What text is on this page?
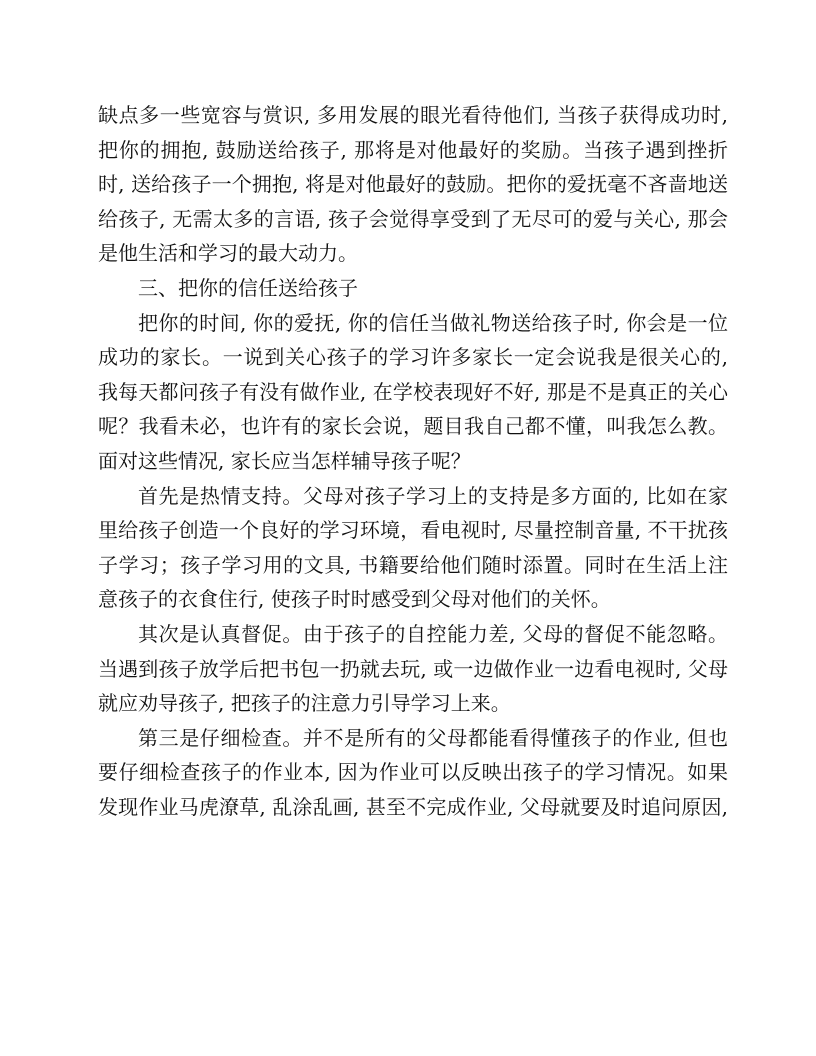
缺点多一些宽容与赏识, 多用发展的眼光看待他们, 当孩子获得成功时,
把你的拥抱, 鼓励送给孩子, 那将是对他最好的奖励。当孩子遇到挫折
时, 送给孩子一个拥抱, 将是对他最好的鼓励。把你的爱抚毫不吝啬地送
给孩子, 无需太多的言语, 孩子会觉得享受到了无尽可的爱与关心, 那会
是他生活和学习的最大动力。
三、把你的信任送给孩子
把你的时间, 你的爱抚, 你的信任当做礼物送给孩子时, 你会是一位
成功的家长。一说到关心孩子的学习许多家长一定会说我是很关心的,
我每天都问孩子有没有做作业, 在学校表现好不好, 那是不是真正的关心
呢？我看未必，也许有的家长会说，题目我自己都不懂，叫我怎么教。
面对这些情况, 家长应当怎样辅导孩子呢？
首先是热情支持。父母对孩子学习上的支持是多方面的, 比如在家
里给孩子创造一个良好的学习环境，看电视时, 尽量控制音量, 不干扰孩
子学习；孩子学习用的文具, 书籍要给他们随时添置。同时在生活上注
意孩子的衣食住行, 使孩子时时感受到父母对他们的关怀。
其次是认真督促。由于孩子的自控能力差, 父母的督促不能忽略。
当遇到孩子放学后把书包一扔就去玩, 或一边做作业一边看电视时, 父母
就应劝导孩子, 把孩子的注意力引导学习上来。
第三是仔细检查。并不是所有的父母都能看得懂孩子的作业, 但也
要仔细检查孩子的作业本, 因为作业可以反映出孩子的学习情况。如果
发现作业马虎潦草, 乱涂乱画, 甚至不完成作业, 父母就要及时追问原因,
